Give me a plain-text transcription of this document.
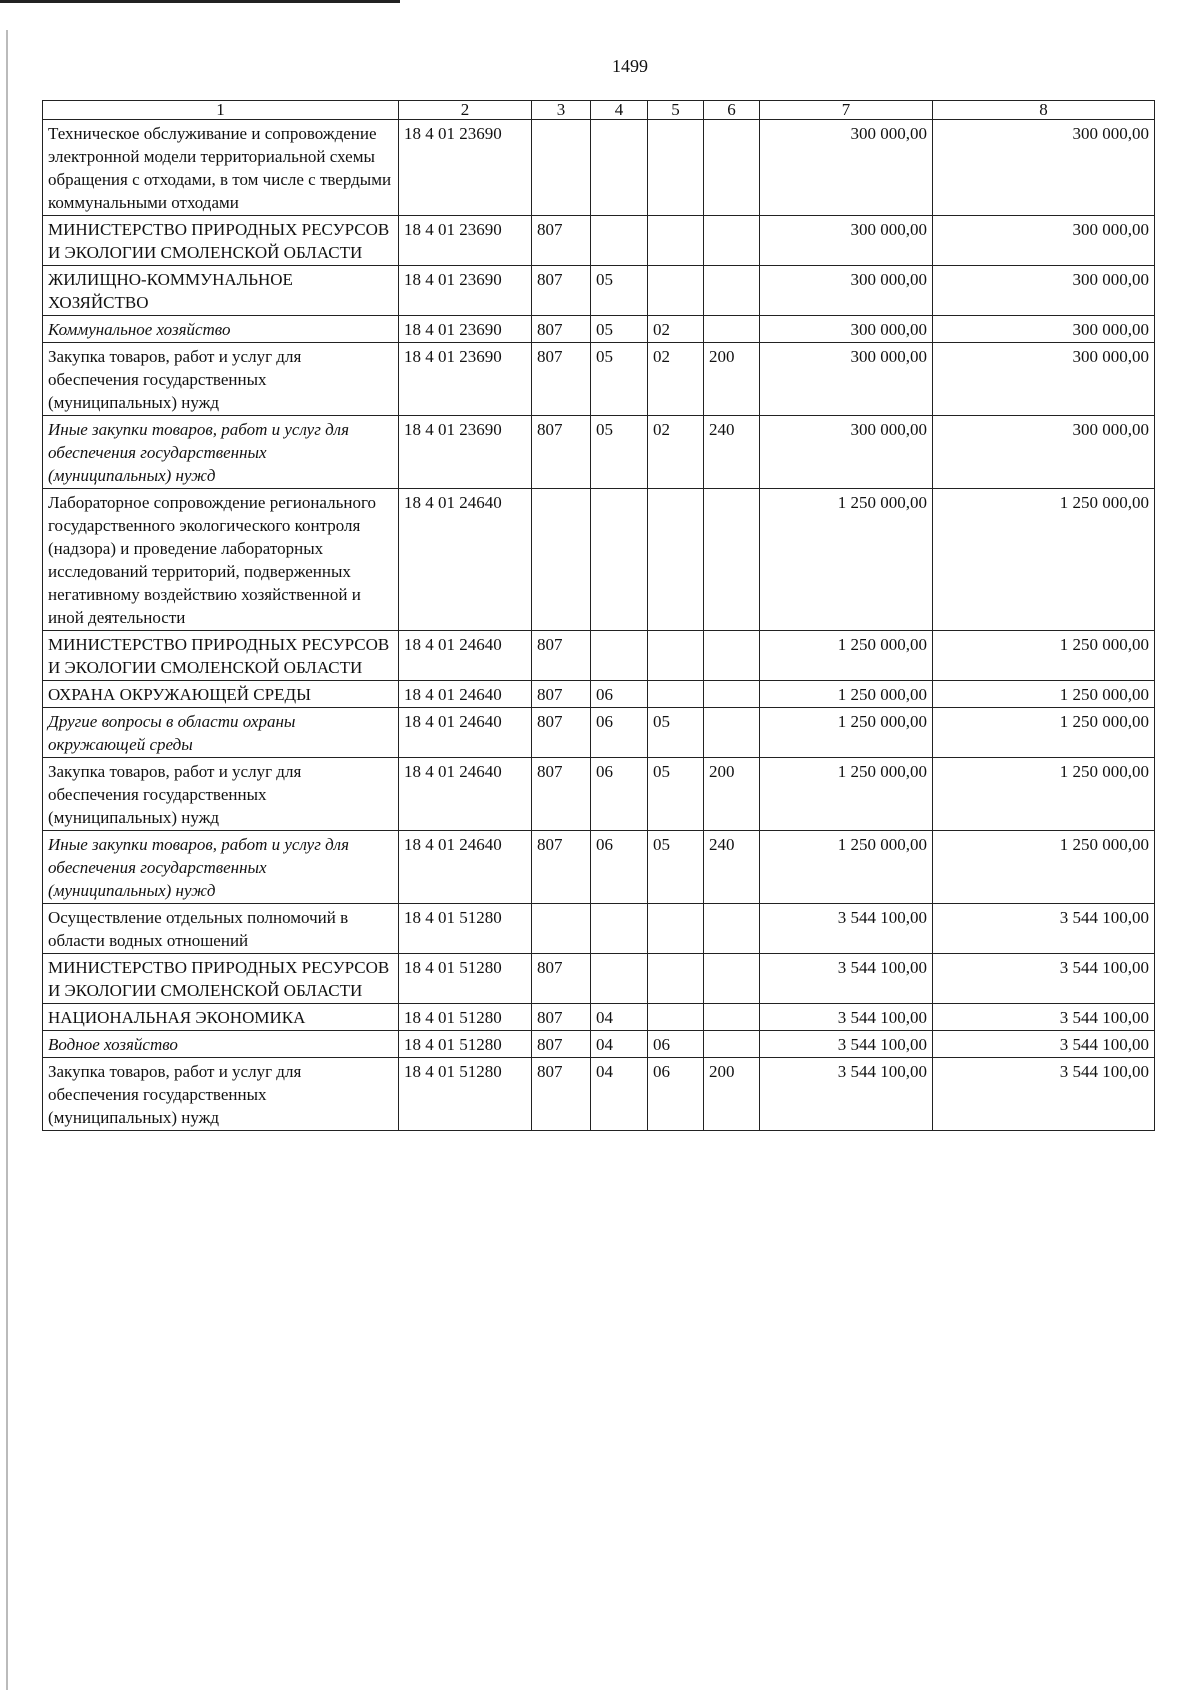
1499
1	2	3	4	5	6	7	8
Техническое обслуживание и сопровождение электронной модели территориальной схемы обращения с отходами, в том числе с твердыми коммунальными отходами	18 4 01 23690					300 000,00	300 000,00
МИНИСТЕРСТВО ПРИРОДНЫХ РЕСУРСОВ И ЭКОЛОГИИ СМОЛЕНСКОЙ ОБЛАСТИ	18 4 01 23690	807				300 000,00	300 000,00
ЖИЛИЩНО-КОММУНАЛЬНОЕ ХОЗЯЙСТВО	18 4 01 23690	807	05			300 000,00	300 000,00
Коммунальное хозяйство	18 4 01 23690	807	05	02		300 000,00	300 000,00
Закупка товаров, работ и услуг для обеспечения государственных (муниципальных) нужд	18 4 01 23690	807	05	02	200	300 000,00	300 000,00
Иные закупки товаров, работ и услуг для обеспечения государственных (муниципальных) нужд	18 4 01 23690	807	05	02	240	300 000,00	300 000,00
Лабораторное сопровождение регионального государственного экологического контроля (надзора) и проведение лабораторных исследований территорий, подверженных негативному воздействию хозяйственной и иной деятельности	18 4 01 24640					1 250 000,00	1 250 000,00
МИНИСТЕРСТВО ПРИРОДНЫХ РЕСУРСОВ И ЭКОЛОГИИ СМОЛЕНСКОЙ ОБЛАСТИ	18 4 01 24640	807				1 250 000,00	1 250 000,00
ОХРАНА ОКРУЖАЮЩЕЙ СРЕДЫ	18 4 01 24640	807	06			1 250 000,00	1 250 000,00
Другие вопросы в области охраны окружающей среды	18 4 01 24640	807	06	05		1 250 000,00	1 250 000,00
Закупка товаров, работ и услуг для обеспечения государственных (муниципальных) нужд	18 4 01 24640	807	06	05	200	1 250 000,00	1 250 000,00
Иные закупки товаров, работ и услуг для обеспечения государственных (муниципальных) нужд	18 4 01 24640	807	06	05	240	1 250 000,00	1 250 000,00
Осуществление отдельных полномочий в области водных отношений	18 4 01 51280					3 544 100,00	3 544 100,00
МИНИСТЕРСТВО ПРИРОДНЫХ РЕСУРСОВ И ЭКОЛОГИИ СМОЛЕНСКОЙ ОБЛАСТИ	18 4 01 51280	807				3 544 100,00	3 544 100,00
НАЦИОНАЛЬНАЯ ЭКОНОМИКА	18 4 01 51280	807	04			3 544 100,00	3 544 100,00
Водное хозяйство	18 4 01 51280	807	04	06		3 544 100,00	3 544 100,00
Закупка товаров, работ и услуг для обеспечения государственных (муниципальных) нужд	18 4 01 51280	807	04	06	200	3 544 100,00	3 544 100,00
